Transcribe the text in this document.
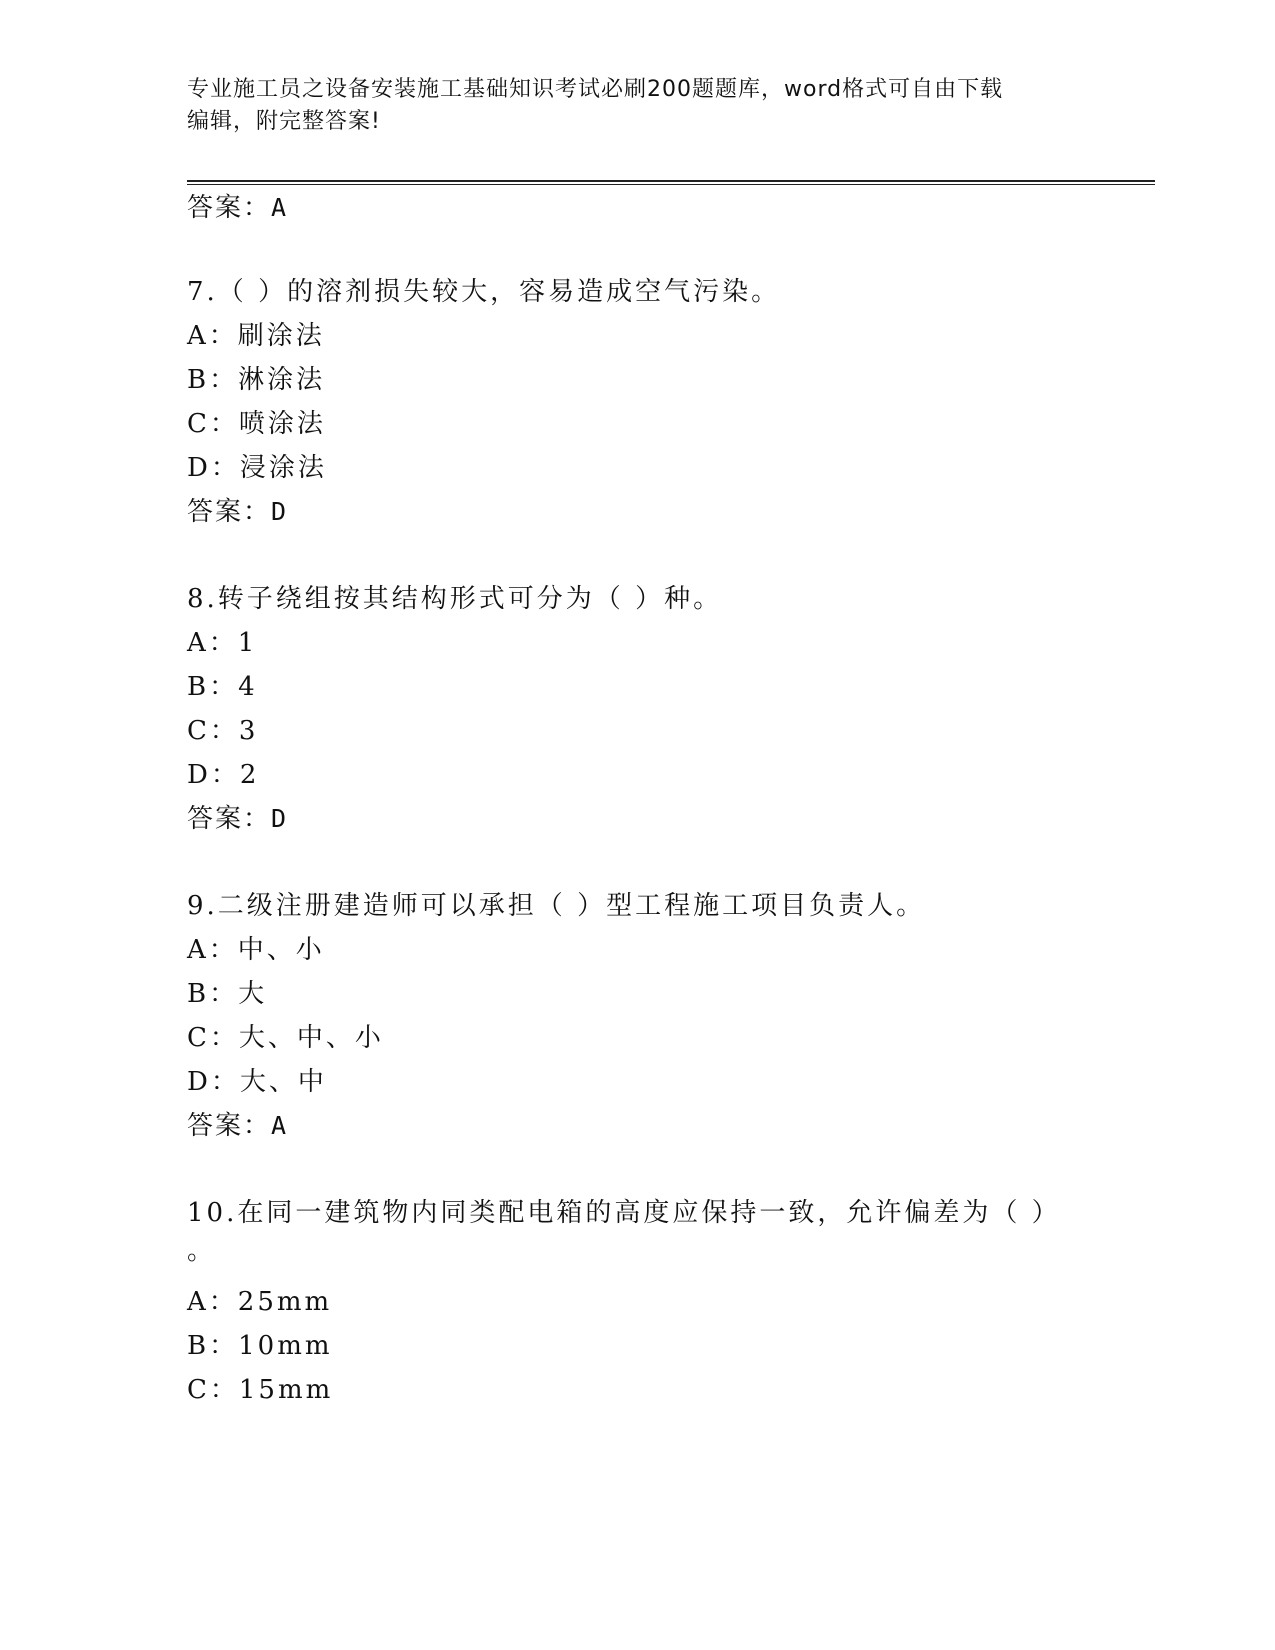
专业施工员之设备安装施工基础知识考试必刷200题题库，word格式可自由下载
编辑，附完整答案!
答案：A
7.（ ）的溶剂损失较大，容易造成空气污染。
A：刷涂法
B：淋涂法
C：喷涂法
D：浸涂法
答案：D
8.转子绕组按其结构形式可分为（ ）种。
A：1
B：4
C：3
D：2
答案：D
9.二级注册建造师可以承担（ ）型工程施工项目负责人。
A：中、小
B：大
C：大、中、小
D：大、中
答案：A
10.在同一建筑物内同类配电箱的高度应保持一致，允许偏差为（ ）
。
A：25mm
B：10mm
C：15mm
